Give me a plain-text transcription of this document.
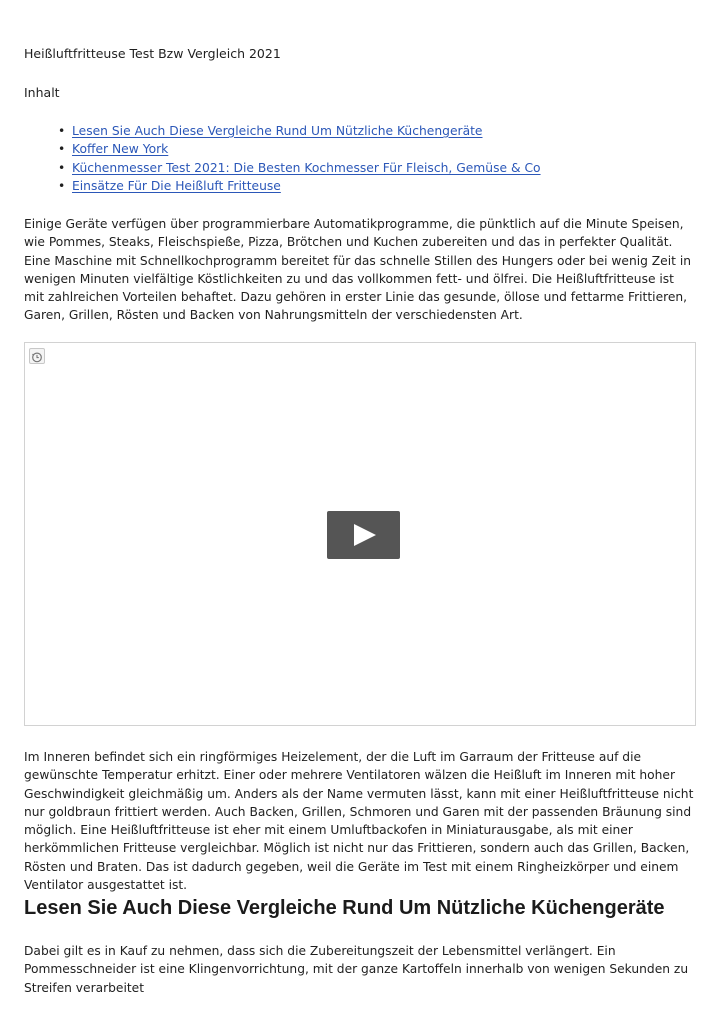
Heißluftfritteuse Test Bzw Vergleich 2021
Inhalt
• Lesen Sie Auch Diese Vergleiche Rund Um Nützliche Küchengeräte
• Koffer New York
• Küchenmesser Test 2021: Die Besten Kochmesser Für Fleisch, Gemüse & Co
• Einsätze Für Die Heißluft Fritteuse

Einige Geräte verfügen über programmierbare Automatikprogramme, die pünktlich auf die Minute Speisen, wie Pommes, Steaks, Fleischspieße, Pizza, Brötchen und Kuchen zubereiten und das in perfekter Qualität. Eine Maschine mit Schnellkochprogramm bereitet für das schnelle Stillen des Hungers oder bei wenig Zeit in wenigen Minuten vielfältige Köstlichkeiten zu und das vollkommen fett- und ölfrei. Die Heißluftfritteuse ist mit zahlreichen Vorteilen behaftet. Dazu gehören in erster Linie das gesunde, öllose und fettarme Frittieren, Garen, Grillen, Rösten und Backen von Nahrungsmitteln der verschiedensten Art.

Im Inneren befindet sich ein ringförmiges Heizelement, der die Luft im Garraum der Fritteuse auf die gewünschte Temperatur erhitzt. Einer oder mehrere Ventilatoren wälzen die Heißluft im Inneren mit hoher Geschwindigkeit gleichmäßig um. Anders als der Name vermuten lässt, kann mit einer Heißluftfritteuse nicht nur goldbraun frittiert werden. Auch Backen, Grillen, Schmoren und Garen mit der passenden Bräunung sind möglich. Eine Heißluftfritteuse ist eher mit einem Umluftbackofen in Miniaturausgabe, als mit einer herkömmlichen Fritteuse vergleichbar. Möglich ist nicht nur das Frittieren, sondern auch das Grillen, Backen, Rösten und Braten. Das ist dadurch gegeben, weil die Geräte im Test mit einem Ringheizkörper und einem Ventilator ausgestattet ist.

Lesen Sie Auch Diese Vergleiche Rund Um Nützliche Küchengeräte

Dabei gilt es in Kauf zu nehmen, dass sich die Zubereitungszeit der Lebensmittel verlängert. Ein Pommesschneider ist eine Klingenvorrichtung, mit der ganze Kartoffeln innerhalb von wenigen Sekunden zu Streifen verarbeitet
